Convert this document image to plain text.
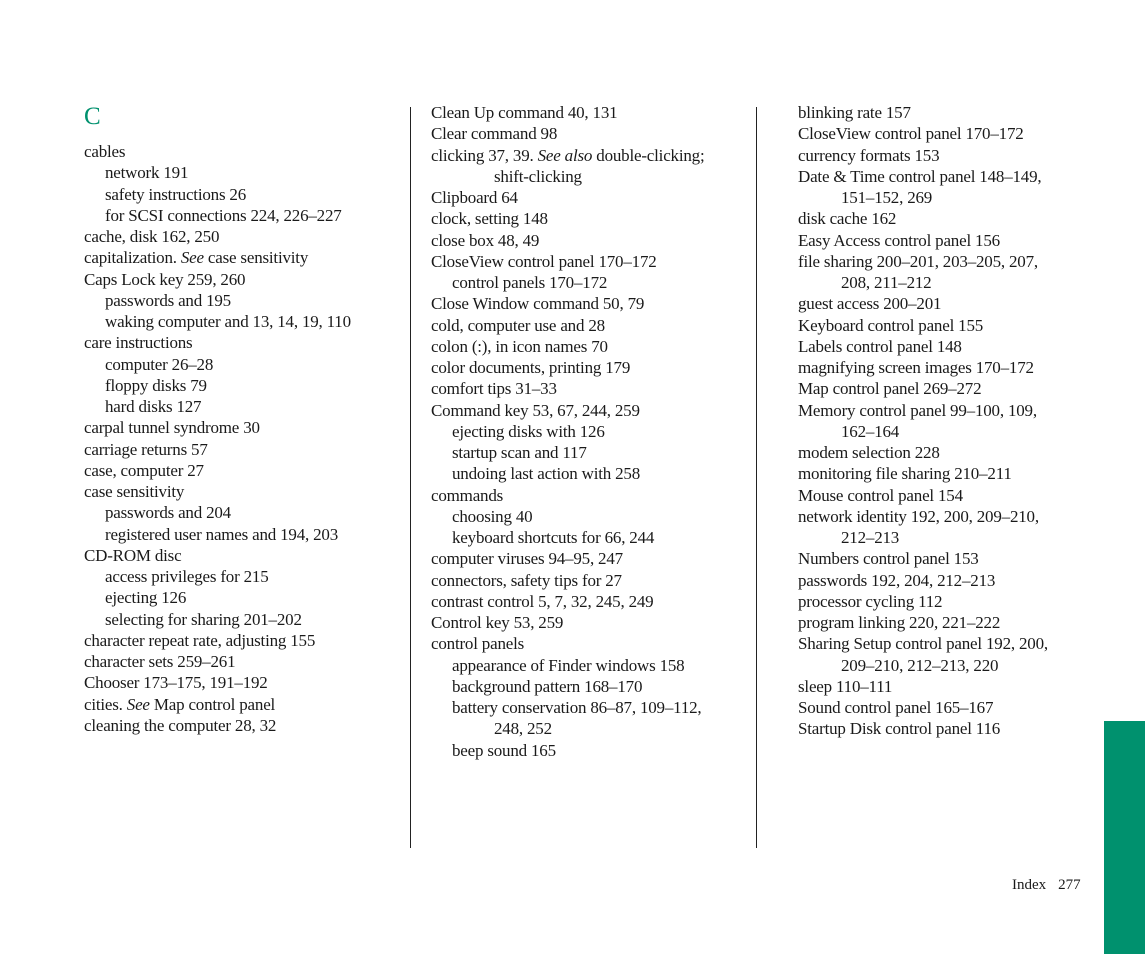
C
cables
network 191
safety instructions 26
for SCSI connections 224, 226–227
cache, disk 162, 250
capitalization. See case sensitivity
Caps Lock key 259, 260
passwords and 195
waking computer and 13, 14, 19, 110
care instructions
computer 26–28
floppy disks 79
hard disks 127
carpal tunnel syndrome 30
carriage returns 57
case, computer 27
case sensitivity
passwords and 204
registered user names and 194, 203
CD-ROM disc
access privileges for 215
ejecting 126
selecting for sharing 201–202
character repeat rate, adjusting 155
character sets 259–261
Chooser 173–175, 191–192
cities. See Map control panel
cleaning the computer 28, 32
Clean Up command 40, 131
Clear command 98
clicking 37, 39. See also double-clicking;
shift-clicking
Clipboard 64
clock, setting 148
close box 48, 49
CloseView control panel 170–172
control panels 170–172
Close Window command 50, 79
cold, computer use and 28
colon (:), in icon names 70
color documents, printing 179
comfort tips 31–33
Command key 53, 67, 244, 259
ejecting disks with 126
startup scan and 117
undoing last action with 258
commands
choosing 40
keyboard shortcuts for 66, 244
computer viruses 94–95, 247
connectors, safety tips for 27
contrast control 5, 7, 32, 245, 249
Control key 53, 259
control panels
appearance of Finder windows 158
background pattern 168–170
battery conservation 86–87, 109–112,
248, 252
beep sound 165
blinking rate 157
CloseView control panel 170–172
currency formats 153
Date & Time control panel 148–149,
151–152, 269
disk cache 162
Easy Access control panel 156
file sharing 200–201, 203–205, 207,
208, 211–212
guest access 200–201
Keyboard control panel 155
Labels control panel 148
magnifying screen images 170–172
Map control panel 269–272
Memory control panel 99–100, 109,
162–164
modem selection 228
monitoring file sharing 210–211
Mouse control panel 154
network identity 192, 200, 209–210,
212–213
Numbers control panel 153
passwords 192, 204, 212–213
processor cycling 112
program linking 220, 221–222
Sharing Setup control panel 192, 200,
209–210, 212–213, 220
sleep 110–111
Sound control panel 165–167
Startup Disk control panel 116
Index 277
